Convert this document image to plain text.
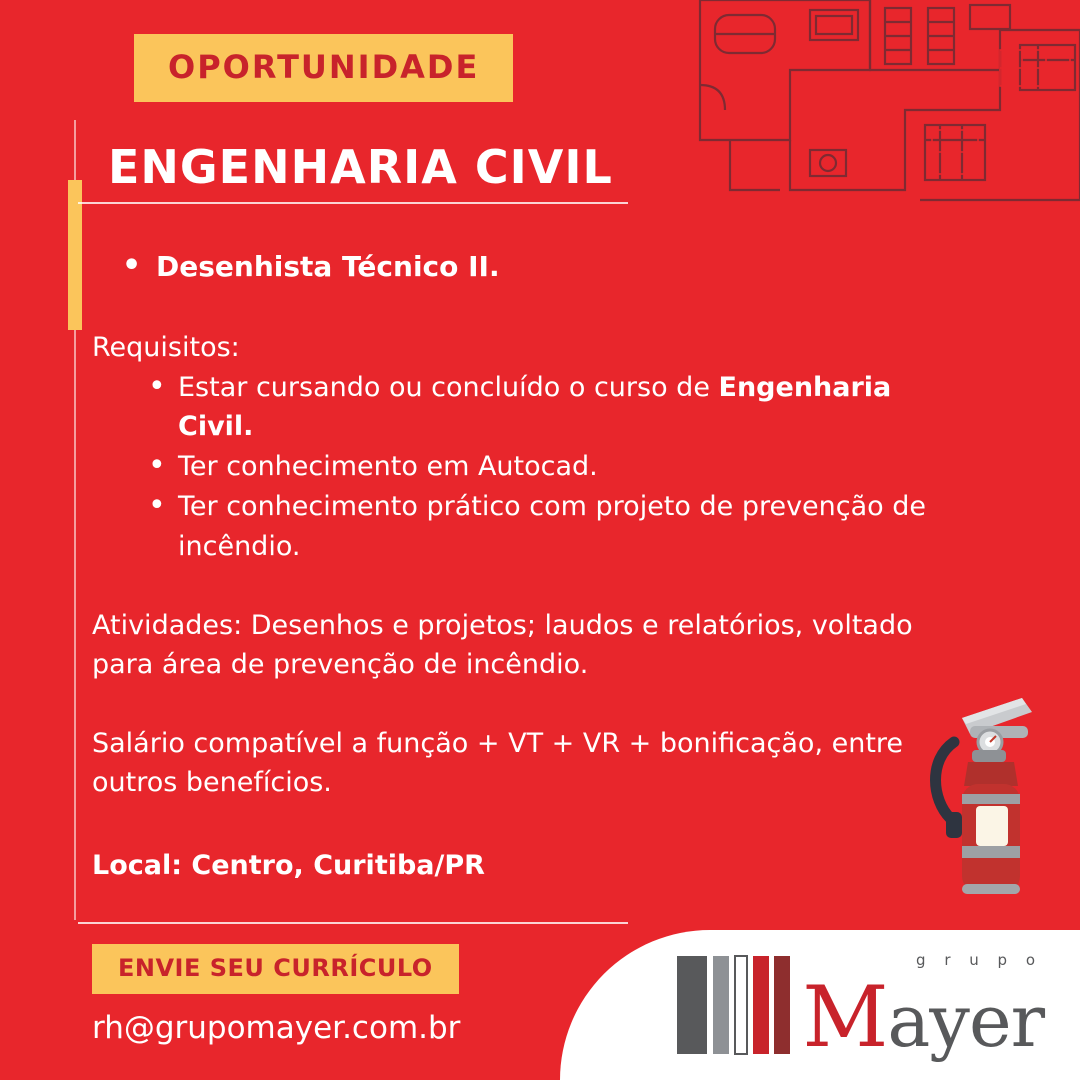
OPORTUNIDADE
ENGENHARIA CIVIL
• Desenhista Técnico II.
Requisitos:
• Estar cursando ou concluído o curso de Engenharia Civil.
• Ter conhecimento em Autocad.
• Ter conhecimento prático com projeto de prevenção de incêndio.

Atividades: Desenhos e projetos; laudos e relatórios, voltado para área de prevenção de incêndio.

Salário compatível a função + VT + VR + bonificação, entre outros benefícios.

Local: Centro, Curitiba/PR

ENVIE SEU CURRÍCULO
rh@grupomayer.com.br
g r u p o
Mayer
